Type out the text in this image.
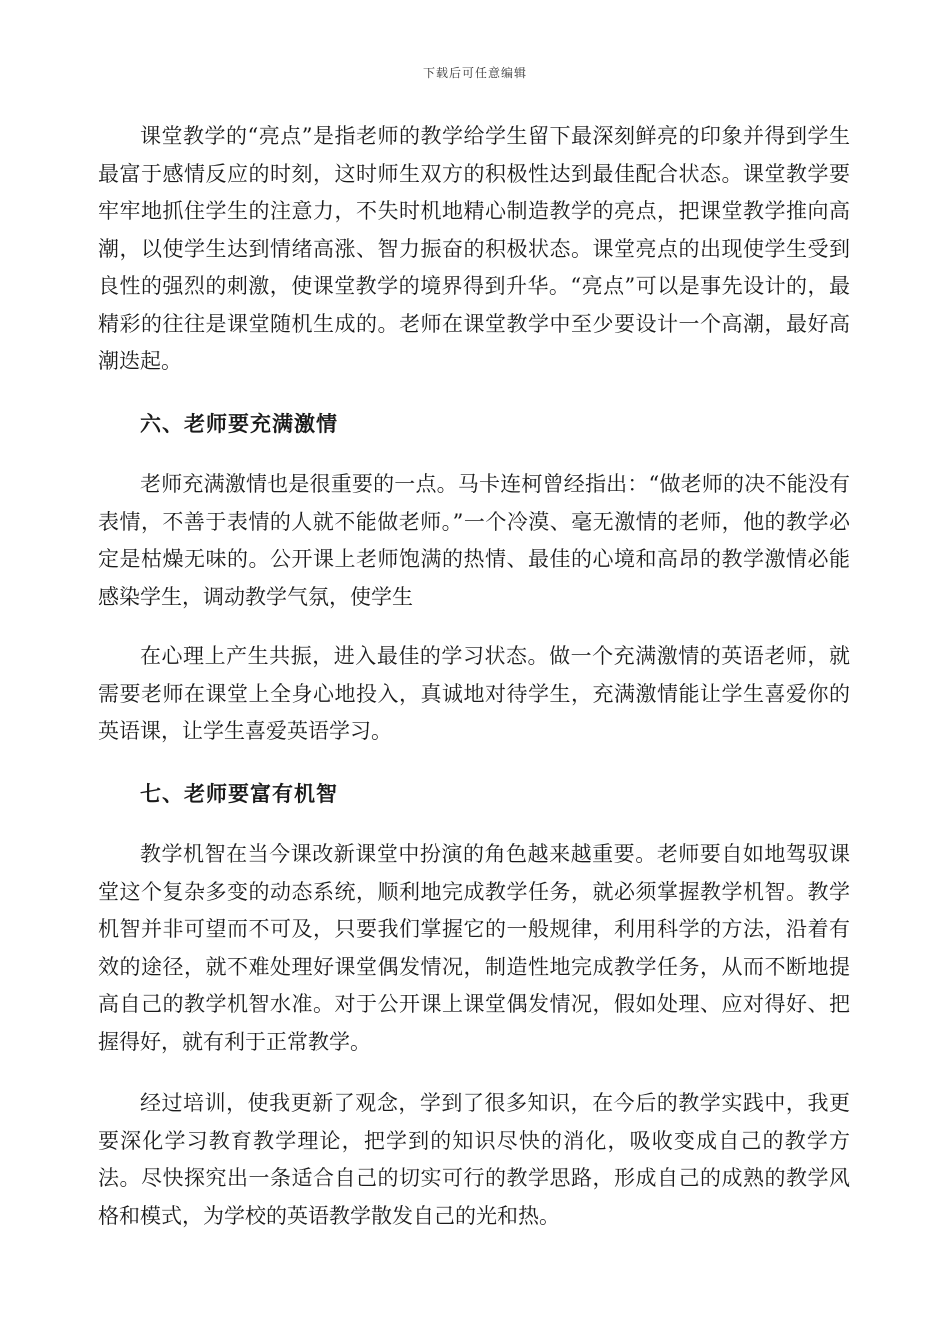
下载后可任意编辑

课堂教学的“亮点”是指老师的教学给学生留下最深刻鲜亮的印象并得到学生最富于感情反应的时刻，这时师生双方的积极性达到最佳配合状态。课堂教学要牢牢地抓住学生的注意力，不失时机地精心制造教学的亮点，把课堂教学推向高潮，以使学生达到情绪高涨、智力振奋的积极状态。课堂亮点的出现使学生受到良性的强烈的刺激，使课堂教学的境界得到升华。“亮点”可以是事先设计的，最精彩的往往是课堂随机生成的。老师在课堂教学中至少要设计一个高潮，最好高潮迭起。

六、老师要充满激情

老师充满激情也是很重要的一点。马卡连柯曾经指出：“做老师的决不能没有表情，不善于表情的人就不能做老师。”一个冷漠、毫无激情的老师，他的教学必定是枯燥无味的。公开课上老师饱满的热情、最佳的心境和高昂的教学激情必能感染学生，调动教学气氛，使学生

在心理上产生共振，进入最佳的学习状态。做一个充满激情的英语老师，就需要老师在课堂上全身心地投入，真诚地对待学生，充满激情能让学生喜爱你的英语课，让学生喜爱英语学习。

七、老师要富有机智

教学机智在当今课改新课堂中扮演的角色越来越重要。老师要自如地驾驭课堂这个复杂多变的动态系统，顺利地完成教学任务，就必须掌握教学机智。教学机智并非可望而不可及，只要我们掌握它的一般规律，利用科学的方法，沿着有效的途径，就不难处理好课堂偶发情况，制造性地完成教学任务，从而不断地提高自己的教学机智水准。对于公开课上课堂偶发情况，假如处理、应对得好、把握得好，就有利于正常教学。

经过培训，使我更新了观念，学到了很多知识，在今后的教学实践中，我更要深化学习教育教学理论，把学到的知识尽快的消化，吸收变成自己的教学方法。尽快探究出一条适合自己的切实可行的教学思路，形成自己的成熟的教学风格和模式，为学校的英语教学散发自己的光和热。
